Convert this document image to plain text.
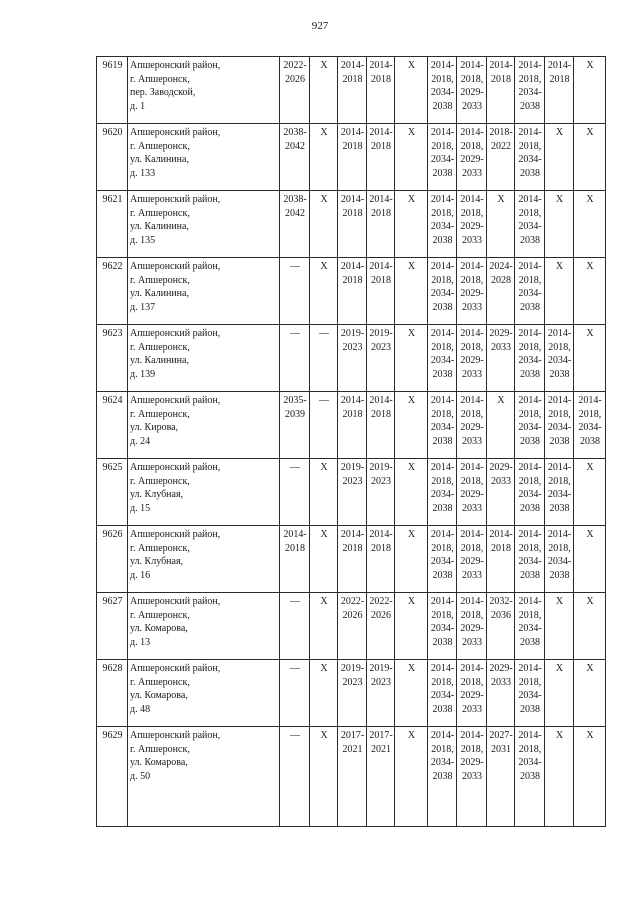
927
9619	Апшеронский район,
г. Апшеронск,
пер. Заводской,
д. 1	2022-
2026	X	2014-
2018	2014-
2018	X	2014-
2018,
2034-
2038	2014-
2018,
2029-
2033	2014-
2018	2014-
2018,
2034-
2038	2014-
2018	X

9620	Апшеронский район,
г. Апшеронск,
ул. Калинина,
д. 133	2038-
2042	X	2014-
2018	2014-
2018	X	2014-
2018,
2034-
2038	2014-
2018,
2029-
2033	2018-
2022	2014-
2018,
2034-
2038	X	X

9621	Апшеронский район,
г. Апшеронск,
ул. Калинина,
д. 135	2038-
2042	X	2014-
2018	2014-
2018	X	2014-
2018,
2034-
2038	2014-
2018,
2029-
2033	X	2014-
2018,
2034-
2038	X	X

9622	Апшеронский район,
г. Апшеронск,
ул. Калинина,
д. 137	—	X	2014-
2018	2014-
2018	X	2014-
2018,
2034-
2038	2014-
2018,
2029-
2033	2024-
2028	2014-
2018,
2034-
2038	X	X

9623	Апшеронский район,
г. Апшеронск,
ул. Калинина,
д. 139	—	—	2019-
2023	2019-
2023	X	2014-
2018,
2034-
2038	2014-
2018,
2029-
2033	2029-
2033	2014-
2018,
2034-
2038	2014-
2018,
2034-
2038	X

9624	Апшеронский район,
г. Апшеронск,
ул. Кирова,
д. 24	2035-
2039	—	2014-
2018	2014-
2018	X	2014-
2018,
2034-
2038	2014-
2018,
2029-
2033	X	2014-
2018,
2034-
2038	2014-
2018,
2034-
2038	2014-
2018,
2034-
2038

9625	Апшеронский район,
г. Апшеронск,
ул. Клубная,
д. 15	—	X	2019-
2023	2019-
2023	X	2014-
2018,
2034-
2038	2014-
2018,
2029-
2033	2029-
2033	2014-
2018,
2034-
2038	2014-
2018,
2034-
2038	X

9626	Апшеронский район,
г. Апшеронск,
ул. Клубная,
д. 16	2014-
2018	X	2014-
2018	2014-
2018	X	2014-
2018,
2034-
2038	2014-
2018,
2029-
2033	2014-
2018	2014-
2018,
2034-
2038	2014-
2018,
2034-
2038	X

9627	Апшеронский район,
г. Апшеронск,
ул. Комарова,
д. 13	—	X	2022-
2026	2022-
2026	X	2014-
2018,
2034-
2038	2014-
2018,
2029-
2033	2032-
2036	2014-
2018,
2034-
2038	X	X

9628	Апшеронский район,
г. Апшеронск,
ул. Комарова,
д. 48	—	X	2019-
2023	2019-
2023	X	2014-
2018,
2034-
2038	2014-
2018,
2029-
2033	2029-
2033	2014-
2018,
2034-
2038	X	X

9629	Апшеронский район,
г. Апшеронск,
ул. Комарова,
д. 50	—	X	2017-
2021	2017-
2021	X	2014-
2018,
2034-
2038	2014-
2018,
2029-
2033	2027-
2031	2014-
2018,
2034-
2038	X	X
